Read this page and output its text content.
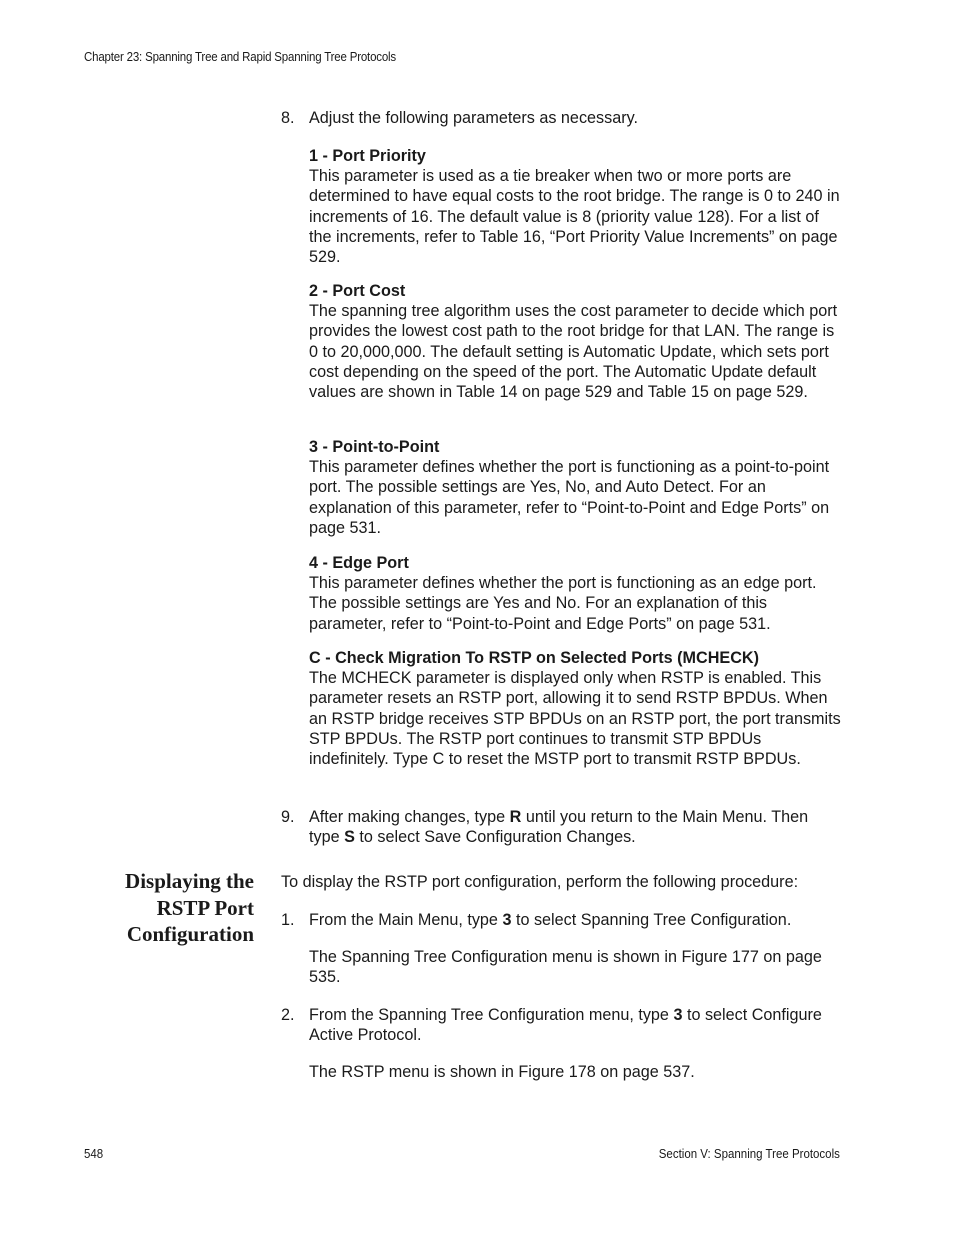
Chapter 23: Spanning Tree and Rapid Spanning Tree Protocols
8. Adjust the following parameters as necessary.
1 - Port Priority

This parameter is used as a tie breaker when two or more ports are determined to have equal costs to the root bridge. The range is 0 to 240 in increments of 16. The default value is 8 (priority value 128). For a list of the increments, refer to Table 16, “Port Priority Value Increments” on page 529.

2 - Port Cost

The spanning tree algorithm uses the cost parameter to decide which port provides the lowest cost path to the root bridge for that LAN. The range is 0 to 20,000,000. The default setting is Automatic Update, which sets port cost depending on the speed of the port. The Automatic Update default values are shown in Table 14 on page 529 and Table 15 on page 529.

3 - Point-to-Point

This parameter defines whether the port is functioning as a point-to-point port. The possible settings are Yes, No, and Auto Detect. For an explanation of this parameter, refer to “Point-to-Point and Edge Ports” on page 531.

4 - Edge Port

This parameter defines whether the port is functioning as an edge port. The possible settings are Yes and No. For an explanation of this parameter, refer to “Point-to-Point and Edge Ports” on page 531.

C - Check Migration To RSTP on Selected Ports (MCHECK)

The MCHECK parameter is displayed only when RSTP is enabled. This parameter resets an RSTP port, allowing it to send RSTP BPDUs. When an RSTP bridge receives STP BPDUs on an RSTP port, the port transmits STP BPDUs. The RSTP port continues to transmit STP BPDUs indefinitely. Type C to reset the MSTP port to transmit RSTP BPDUs.

9. After making changes, type R until you return to the Main Menu. Then type S to select Save Configuration Changes.
To display the RSTP port configuration, perform the following procedure:
1. From the Main Menu, type 3 to select Spanning Tree Configuration.
The Spanning Tree Configuration menu is shown in Figure 177 on page 535.
2. From the Spanning Tree Configuration menu, type 3 to select Configure Active Protocol.
The RSTP menu is shown in Figure 178 on page 537.
Displaying the
RSTP Port
Configuration
548	Section V: Spanning Tree Protocols
